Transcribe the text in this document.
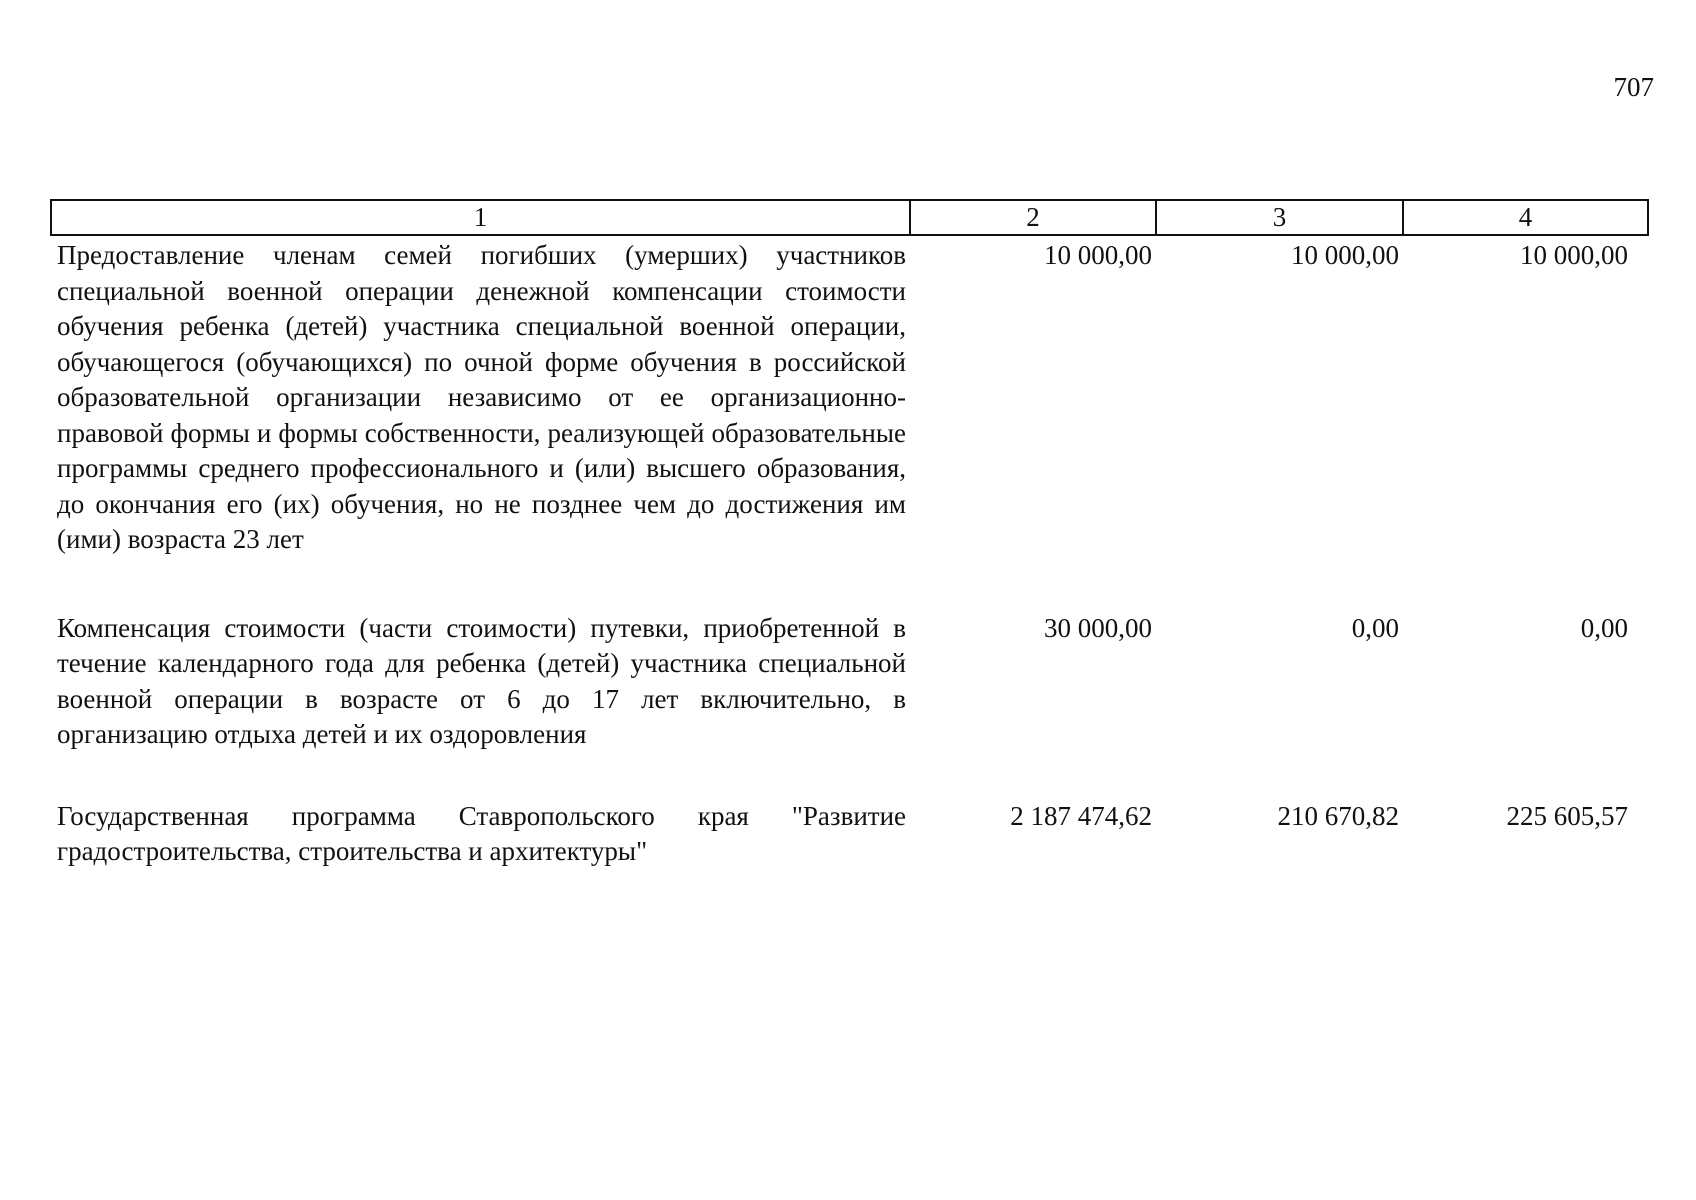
707
1	2	3	4
Предоставление членам семей погибших (умерших) участников специальной военной операции денежной компенсации стоимости обучения ребенка (детей) участника специальной военной операции, обучающегося (обучающихся) по очной форме обучения в российской образовательной организации независимо от ее организационно-правовой формы и формы собственности, реализующей образовательные программы среднего профессионального и (или) высшего образования, до окончания его (их) обучения, но не позднее чем до достижения им (ими) возраста 23 лет	10 000,00	10 000,00	10 000,00
Компенсация стоимости (части стоимости) путевки, приобретенной в течение календарного года для ребенка (детей) участника специальной военной операции в возрасте от 6 до 17 лет включительно, в организацию отдыха детей и их оздоровления	30 000,00	0,00	0,00
Государственная программа Ставропольского края "Развитие градостроительства, строительства и архитектуры"	2 187 474,62	210 670,82	225 605,57
